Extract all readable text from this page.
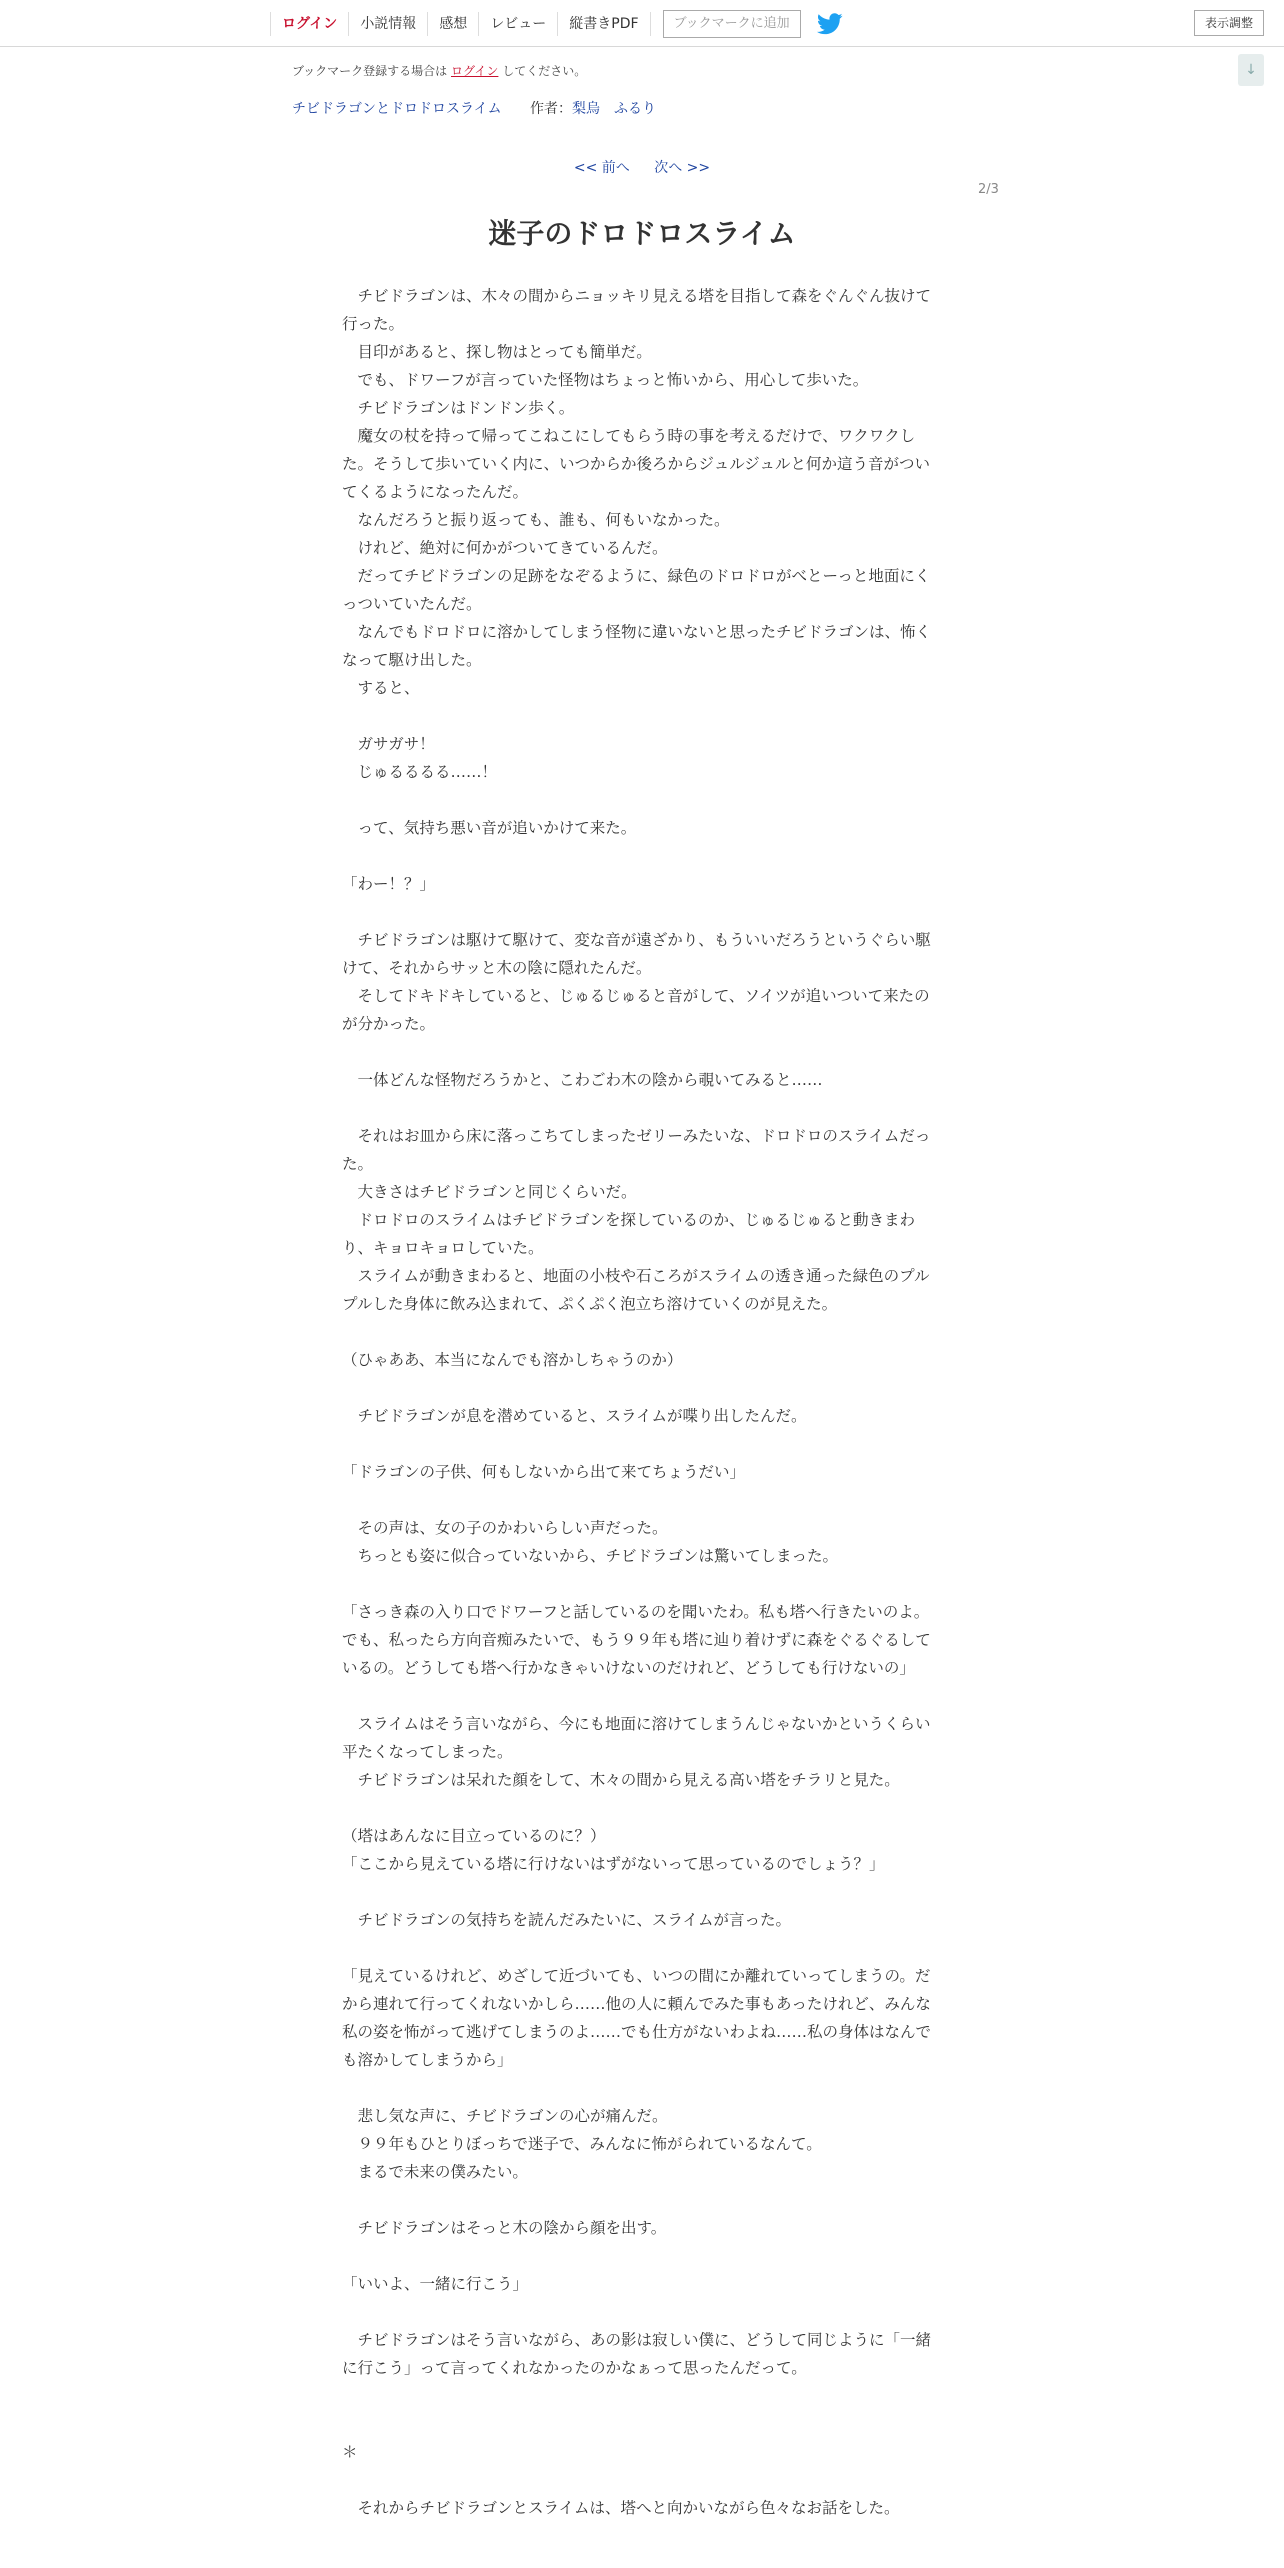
ログイン	小説情報	感想	レビュー	縦書きPDF	ブックマークに追加	表示調整
↓
ブックマーク登録する場合は ログイン してください。
チビドラゴンとドロドロスライム 作者：梨烏　ふるり
<< 前へ 次へ >>
2/3
迷子のドロドロスライム

　チビドラゴンは、木々の間からニョッキリ見える塔を目指して森をぐんぐん抜けて行った。

　目印があると、探し物はとっても簡単だ。

　でも、ドワーフが言っていた怪物はちょっと怖いから、用心して歩いた。

　チビドラゴンはドンドン歩く。

　魔女の杖を持って帰ってこねこにしてもらう時の事を考えるだけで、ワクワクした。そうして歩いていく内に、いつからか後ろからジュルジュルと何か這う音がついてくるようになったんだ。

　なんだろうと振り返っても、誰も、何もいなかった。

　けれど、絶対に何かがついてきているんだ。

　だってチビドラゴンの足跡をなぞるように、緑色のドロドロがべとーっと地面にくっついていたんだ。

　なんでもドロドロに溶かしてしまう怪物に違いないと思ったチビドラゴンは、怖くなって駆け出した。

　すると、

　ガサガサ！

　じゅるるるる……！

　って、気持ち悪い音が追いかけて来た。

「わー！？」

　チビドラゴンは駆けて駆けて、変な音が遠ざかり、もういいだろうというぐらい駆けて、それからサッと木の陰に隠れたんだ。

　そしてドキドキしていると、じゅるじゅると音がして、ソイツが追いついて来たのが分かった。

　一体どんな怪物だろうかと、こわごわ木の陰から覗いてみると……

　それはお皿から床に落っこちてしまったゼリーみたいな、ドロドロのスライムだった。

　大きさはチビドラゴンと同じくらいだ。

　ドロドロのスライムはチビドラゴンを探しているのか、じゅるじゅると動きまわり、キョロキョロしていた。

　スライムが動きまわると、地面の小枝や石ころがスライムの透き通った緑色のプルプルした身体に飲み込まれて、ぷくぷく泡立ち溶けていくのが見えた。

（ひゃああ、本当になんでも溶かしちゃうのか）

　チビドラゴンが息を潜めていると、スライムが喋り出したんだ。

「ドラゴンの子供、何もしないから出て来てちょうだい」

　その声は、女の子のかわいらしい声だった。

　ちっとも姿に似合っていないから、チビドラゴンは驚いてしまった。

「さっき森の入り口でドワーフと話しているのを聞いたわ。私も塔へ行きたいのよ。でも、私ったら方向音痴みたいで、もう９９年も塔に辿り着けずに森をぐるぐるしているの。どうしても塔へ行かなきゃいけないのだけれど、どうしても行けないの」

　スライムはそう言いながら、今にも地面に溶けてしまうんじゃないかというくらい平たくなってしまった。

　チビドラゴンは呆れた顔をして、木々の間から見える高い塔をチラリと見た。

（塔はあんなに目立っているのに？）

「ここから見えている塔に行けないはずがないって思っているのでしょう？」

　チビドラゴンの気持ちを読んだみたいに、スライムが言った。

「見えているけれど、めざして近づいても、いつの間にか離れていってしまうの。だから連れて行ってくれないかしら……他の人に頼んでみた事もあったけれど、みんな私の姿を怖がって逃げてしまうのよ……でも仕方がないわよね……私の身体はなんでも溶かしてしまうから」

　悲し気な声に、チビドラゴンの心が痛んだ。

　９９年もひとりぼっちで迷子で、みんなに怖がられているなんて。

　まるで未来の僕みたい。

　チビドラゴンはそっと木の陰から顔を出す。

「いいよ、一緒に行こう」

　チビドラゴンはそう言いながら、あの影は寂しい僕に、どうして同じように「一緒に行こう」って言ってくれなかったのかなぁって思ったんだって。

＊

　それからチビドラゴンとスライムは、塔へと向かいながら色々なお話をした。
